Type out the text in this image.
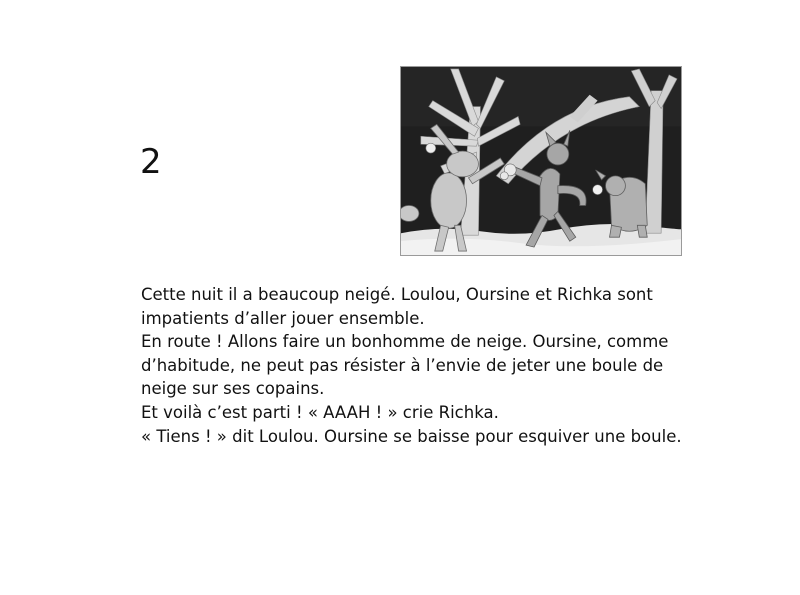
2

Cette nuit il a beaucoup neigé. Loulou, Oursine et Richka sont

impatients d’aller jouer ensemble.

En route ! Allons faire un bonhomme de neige. Oursine, comme

d’habitude, ne peut pas résister à l’envie de jeter une boule de

neige sur ses copains.

Et voilà c’est parti ! « AAAH ! » crie Richka.

« Tiens ! » dit Loulou. Oursine se baisse pour esquiver une boule.
